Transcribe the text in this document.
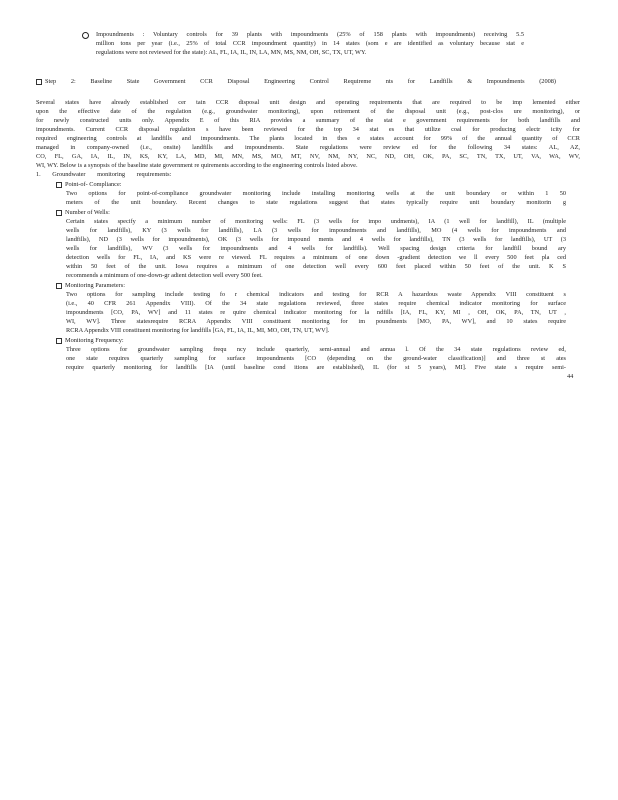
Impoundments : Voluntary controls for 39 plants with impoundments (25% of 158 plants with impoundments) receiving 5.5
million tons per year (i.e., 25% of total CCR impoundment quantity) in 14 states (som e are identified as voluntary because stat e
regulations were not reviewed for the state): AL, FL, IA, IL, IN, LA, MN, MS, NM, OH, SC, TX, UT, WY.
Step 2: Baseline State Government CCR Disposal Engineering Control Requireme nts for Landfills & Impoundments (2008)
Several states have already established cer tain CCR disposal unit design and operating requirements that are required to be imp lemented either
upon the effective date of the regulation (e.g., groundwater monitoring), upon retirement of the disposal unit (e.g., post-clos ure monitoring), or
for newly constructed units only. Appendix E of this RIA provides a summary of the stat e government requirements for both landfills and
impoundments. Current CCR disposal regulation s have been reviewed for the top 34 stat es that utilize coal for producing electr icity for
required engineering controls at landfills and impoundments. The plants located in thes e states account for 99% of the annual quantity of CCR
managed in company-owned (i.e., onsite) landfills and impoundments. State regulations were review ed for the following 34 states: AL, AZ,
CO, FL, GA, IA, IL, IN, KS, KY, LA, MD, MI, MN, MS, MO, MT, NV, NM, NY, NC, ND, OH, OK, PA, SC, TN, TX, UT, VA, WA, WV,
WI, WY. Below is a synopsis of the baseline state government re quirements according to the engineering controls listed above.
1. Groundwater monitoring requirements:
Point-of- Compliance:
Two options for point-of-compliance groundwater monitoring include installing monitoring wells at the unit boundary or within 1 50
meters of the unit boundary. Recent changes to state regulations suggest that states typically require unit boundary monitorin g
Number of Wells:
Certain states specify a minimum number of monitoring wells: FL (3 wells for impo undments), IA (1 well for landfill), IL (multiple
wells for landfills), KY (3 wells for landfills), LA (3 wells for impoundments and landfills), MO (4 wells for impoundments and
landfills), ND (3 wells for impoundments), OK (3 wells for impound ments and 4 wells for landfills), TN (3 wells for landfills), UT (3
wells for landfills), WV (3 wells for impoundments and 4 wells for landfills). Well spacing design criteria for landfill bound ary
detection wells for FL, IA, and KS were re viewed. FL requires a minimum of one down -gradient detection we ll every 500 feet pla ced
within 50 feet of the unit. Iowa requires a minimum of one detection well every 600 feet placed within 50 feet of the unit. K S
recommends a minimum of one-down-gr adient detection well every 500 feet.
Monitoring Parameters:
Two options for sampling include testing fo r chemical indicators and testing for RCR A hazardous waste Appendix VIII constituent s
(i.e., 40 CFR 261 Appendix VIII). Of the 34 state regulations reviewed, three states require chemical indicator monitoring for surface
impoundments [CO, PA, WV] and 11 states re quire chemical indicator monitoring for la ndfills [IA, FL, KY, MI , OH, OK, PA, TN, UT ,
WI, WV]. Three statesrequire RCRA Appendix VIII constituent monitoring for im poundments [MO, PA, WV], and 10 states require
RCRA Appendix VIII constituent monitoring for landfills [GA, FL, IA, IL, MI, MO, OH, TN, UT, WV].
Monitoring Frequency:
Three options for groundwater sampling frequ ncy include quarterly, semi-annual and annua l. Of the 34 state regulations review ed,
one state requires quarterly sampling for surface impoundments [CO (depending on the ground-water classification)] and three st ates
require quarterly monitoring for landfills [IA (until baseline cond itions are established), IL (for st 5 years), MI]. Five state s require semi-
44
